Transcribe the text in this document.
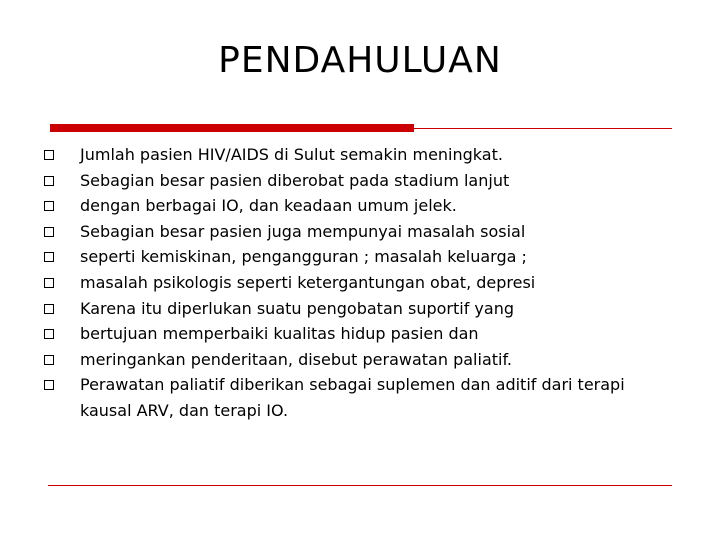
PENDAHULUAN
Jumlah pasien HIV/AIDS di Sulut semakin meningkat.
Sebagian besar pasien diberobat pada stadium lanjut
dengan berbagai IO, dan keadaan umum jelek.
Sebagian besar pasien juga mempunyai masalah sosial
seperti kemiskinan, pengangguran ; masalah keluarga ;
masalah psikologis seperti ketergantungan obat, depresi
Karena itu diperlukan suatu pengobatan suportif yang
bertujuan memperbaiki kualitas hidup pasien dan
meringankan penderitaan, disebut perawatan paliatif.
Perawatan paliatif diberikan sebagai suplemen dan aditif dari terapi kausal ARV, dan terapi IO.
